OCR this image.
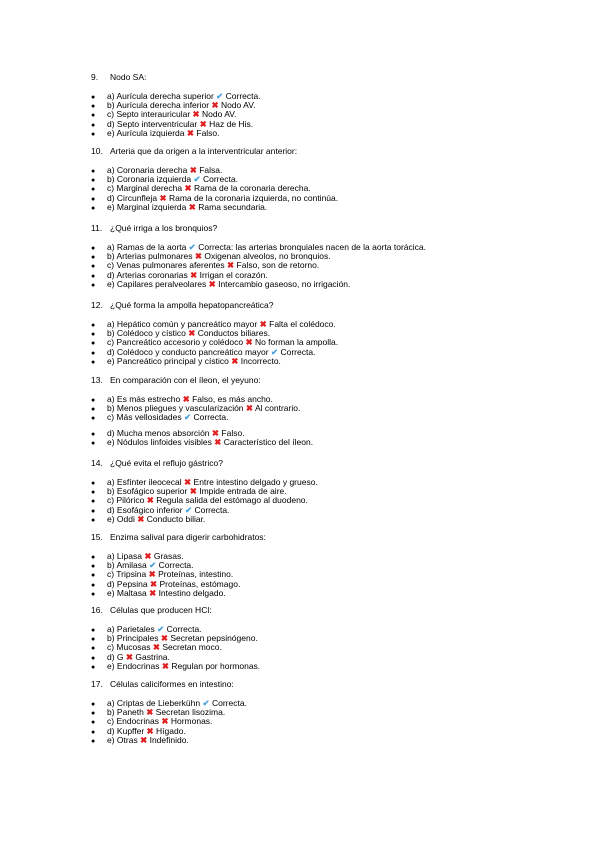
9. Nodo SA:
● a) Aurícula derecha superior ✔ Correcta.
● b) Aurícula derecha inferior ✖ Nodo AV.
● c) Septo interauricular ✖ Nodo AV.
● d) Septo interventricular ✖ Haz de His.
● e) Aurícula izquierda ✖ Falso.
10. Arteria que da origen a la interventricular anterior:
● a) Coronaria derecha ✖ Falsa.
● b) Coronaria izquierda ✔ Correcta.
● c) Marginal derecha ✖ Rama de la coronaria derecha.
● d) Circunfleja ✖ Rama de la coronaria izquierda, no continúa.
● e) Marginal izquierda ✖ Rama secundaria.
11. ¿Qué irriga a los bronquios?
● a) Ramas de la aorta ✔ Correcta: las arterias bronquiales nacen de la aorta torácica.
● b) Arterias pulmonares ✖ Oxigenan alveolos, no bronquios.
● c) Venas pulmonares aferentes ✖ Falso, son de retorno.
● d) Arterias coronarias ✖ Irrigan el corazón.
● e) Capilares peralveolares ✖ Intercambio gaseoso, no irrigación.
12. ¿Qué forma la ampolla hepatopancreática?
● a) Hepático común y pancreático mayor ✖ Falta el colédoco.
● b) Colédoco y cístico ✖ Conductos biliares.
● c) Pancreático accesorio y colédoco ✖ No forman la ampolla.
● d) Colédoco y conducto pancreático mayor ✔ Correcta.
● e) Pancreático principal y cístico ✖ Incorrecto.
13. En comparación con el íleon, el yeyuno:
● a) Es más estrecho ✖ Falso, es más ancho.
● b) Menos pliegues y vascularización ✖ Al contrario.
● c) Más vellosidades ✔ Correcta.
● d) Mucha menos absorción ✖ Falso.
● e) Nódulos linfoides visibles ✖ Característico del íleon.
14. ¿Qué evita el reflujo gástrico?
● a) Esfínter ileocecal ✖ Entre intestino delgado y grueso.
● b) Esofágico superior ✖ Impide entrada de aire.
● c) Pilórico ✖ Regula salida del estómago al duodeno.
● d) Esofágico inferior ✔ Correcta.
● e) Oddi ✖ Conducto biliar.
15. Enzima salival para digerir carbohidratos:
● a) Lipasa ✖ Grasas.
● b) Amilasa ✔ Correcta.
● c) Tripsina ✖ Proteínas, intestino.
● d) Pepsina ✖ Proteínas, estómago.
● e) Maltasa ✖ Intestino delgado.
16. Células que producen HCl:
● a) Parietales ✔ Correcta.
● b) Principales ✖ Secretan pepsinógeno.
● c) Mucosas ✖ Secretan moco.
● d) G ✖ Gastrina.
● e) Endocrinas ✖ Regulan por hormonas.
17. Células caliciformes en intestino:
● a) Criptas de Lieberkühn ✔ Correcta.
● b) Paneth ✖ Secretan lisozima.
● c) Endocrinas ✖ Hormonas.
● d) Kupffer ✖ Hígado.
● e) Otras ✖ Indefinido.
